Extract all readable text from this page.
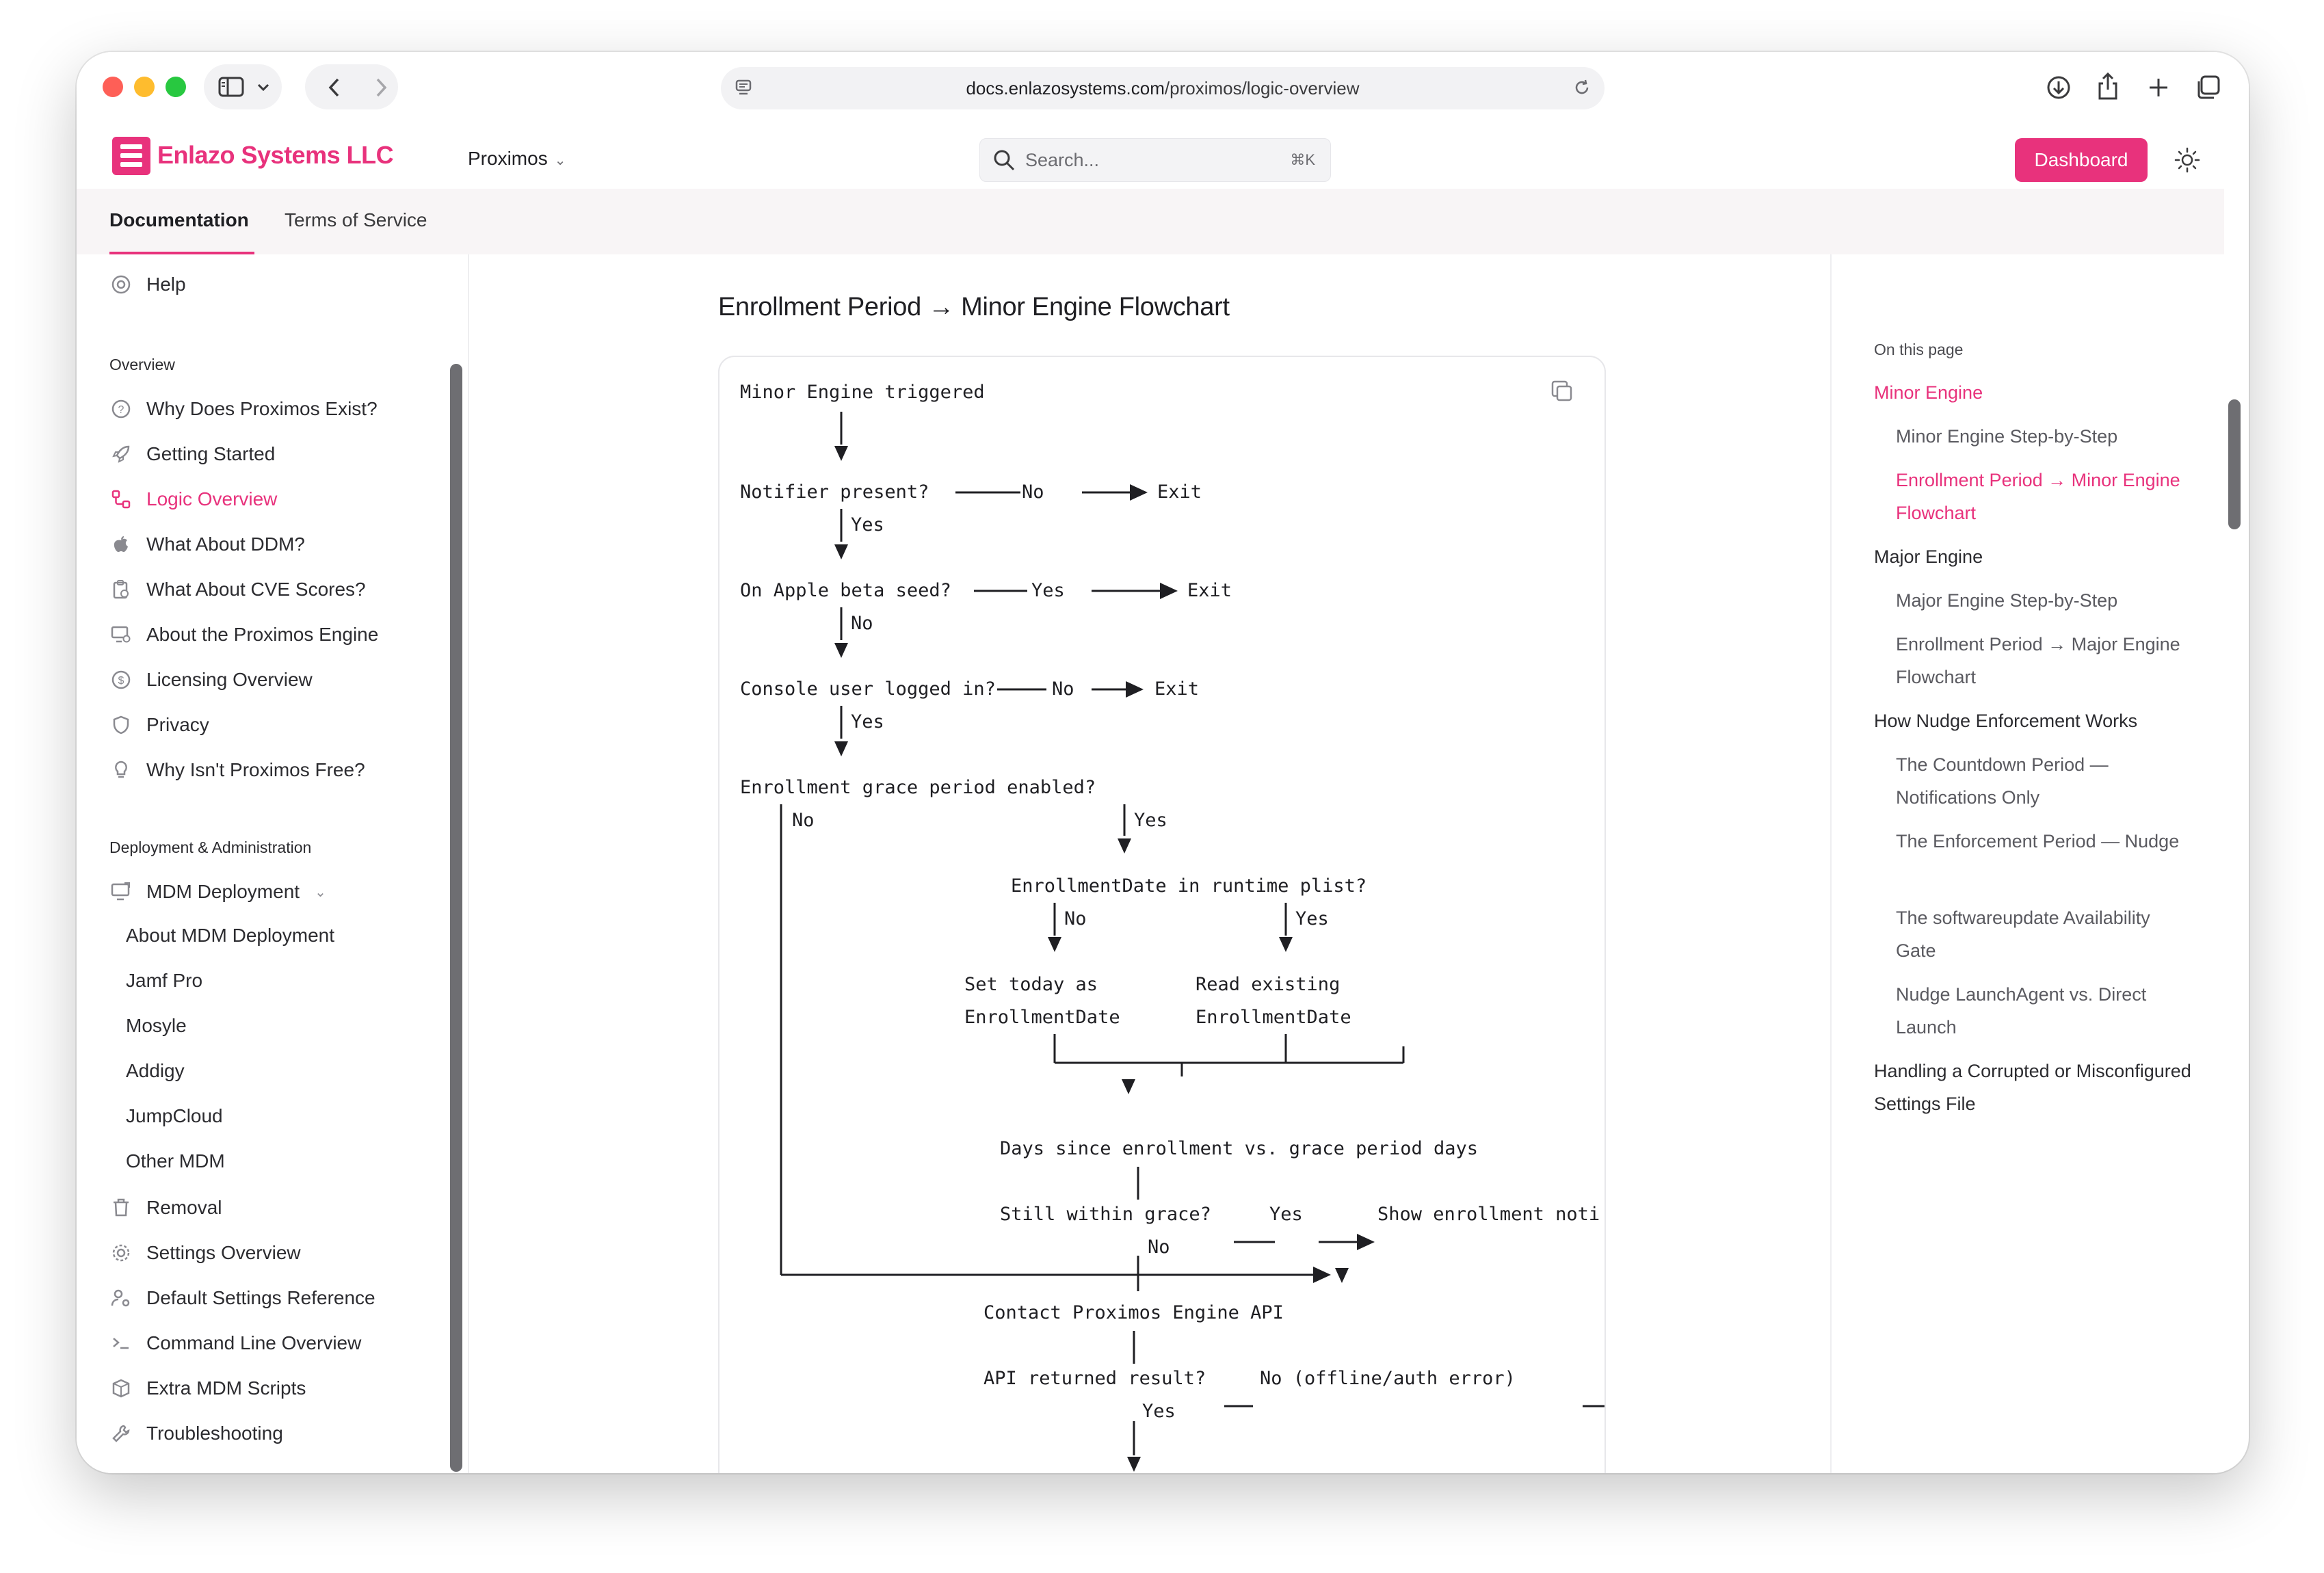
docs.enlazosystems.com /proximos/logic-overview
Enlazo Systems LLC	Proximos ⌄	Search...	⌘K	Dashboard
Documentation Terms of Service
Help
Overview
? Why Does Proximos Exist?
Getting Started
Logic Overview
What About DDM?
What About CVE Scores?
About the Proximos Engine
$ Licensing Overview
Privacy
Why Isn't Proximos Free?
Deployment & Administration
MDM Deployment ⌄
About MDM Deployment
Jamf Pro
Mosyle
Addigy
JumpCloud
Other MDM
Removal
Settings Overview
Default Settings Reference
Command Line Overview
Extra MDM Scripts
Troubleshooting
Enrollment Period → Minor Engine Flowchart
Minor Engine triggered
Notifier present?	No	Exit
Yes
On Apple beta seed?	Yes	Exit
No
Console user logged in?	No	Exit
Yes
Enrollment grace period enabled?
No	Yes
EnrollmentDate in runtime plist?
No	Yes
Set today as
EnrollmentDate
Read existing
EnrollmentDate
Days since enrollment vs. grace period days
Still within grace?	Yes	Show enrollment noti
No
Contact Proximos Engine API
API returned result?	No (offline/auth error)
Yes
On this page
Minor Engine
Minor Engine Step-by-Step
Enrollment Period → Minor Engine Flowchart
Major Engine
Major Engine Step-by-Step
Enrollment Period → Major Engine Flowchart
How Nudge Enforcement Works
The Countdown Period — Notifications Only
The Enforcement Period — Nudge
The softwareupdate Availability Gate
Nudge LaunchAgent vs. Direct Launch
Handling a Corrupted or Misconfigured Settings File
